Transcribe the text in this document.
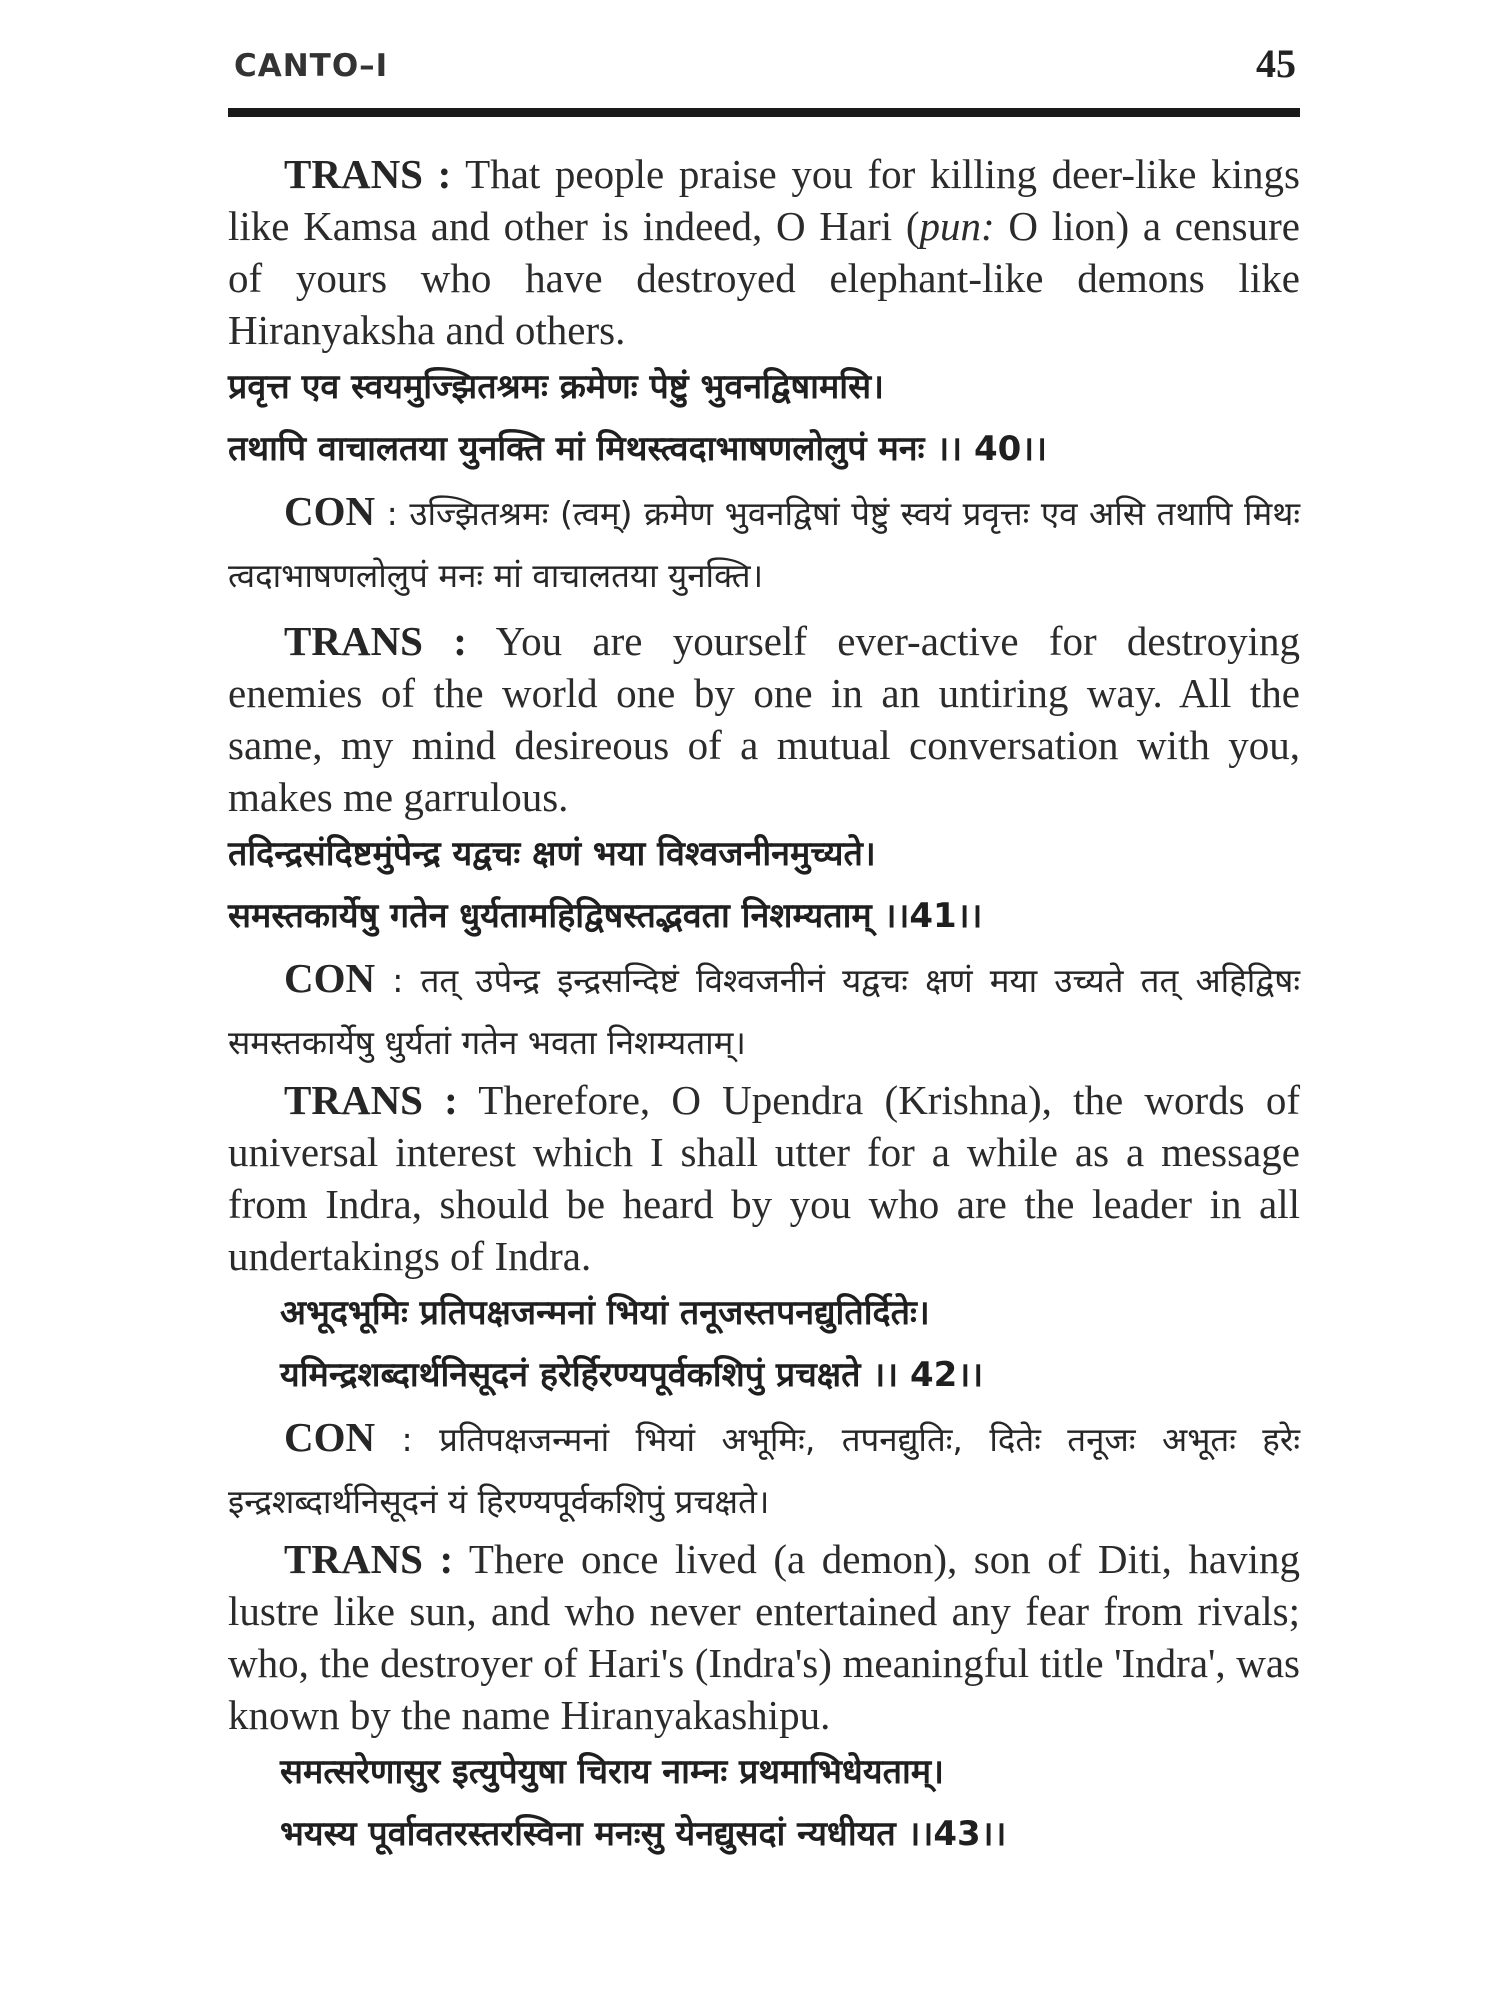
CANTO–I	45

TRANS : That people praise you for killing deer-like kings like Kamsa and other is indeed, O Hari (pun: O lion) a censure of yours who have destroyed elephant-like demons like Hiranyaksha and others.

प्रवृत्त एव स्वयमुज्झितश्रमः क्रमेणः पेष्टुं भुवनद्विषामसि।

तथापि वाचालतया युनक्ति मां मिथस्त्वदाभाषणलोलुपं मनः ।। 40।।

CON : उज्झितश्रमः (त्वम्) क्रमेण भुवनद्विषां पेष्टुं स्वयं प्रवृत्तः एव असि तथापि मिथः त्वदाभाषणलोलुपं मनः मां वाचालतया युनक्ति।

TRANS : You are yourself ever-active for destroying enemies of the world one by one in an untiring way. All the same, my mind desireous of a mutual conversation with you, makes me garrulous.

तदिन्द्रसंदिष्टमुंपेन्द्र यद्वचः क्षणं भया विश्वजनीनमुच्यते।

समस्तकार्येषु गतेन धुर्यतामहिद्विषस्तद्भवता निशम्यताम् ।।41।।

CON : तत् उपेन्द्र इन्द्रसन्दिष्टं विश्वजनीनं यद्वचः क्षणं मया उच्यते तत् अहिद्विषः समस्तकार्येषु धुर्यतां गतेन भवता निशम्यताम्।

TRANS : Therefore, O Upendra (Krishna), the words of universal interest which I shall utter for a while as a message from Indra, should be heard by you who are the leader in all undertakings of Indra.

अभूदभूमिः प्रतिपक्षजन्मनां भियां तनूजस्तपनद्युतिर्दितेः।

यमिन्द्रशब्दार्थनिसूदनं हरेर्हिरण्यपूर्वकशिपुं प्रचक्षते ।। 42।।

CON : प्रतिपक्षजन्मनां भियां अभूमिः, तपनद्युतिः, दितेः तनूजः अभूतः हरेः इन्द्रशब्दार्थनिसूदनं यं हिरण्यपूर्वकशिपुं प्रचक्षते।

TRANS : There once lived (a demon), son of Diti, having lustre like sun, and who never entertained any fear from rivals; who, the destroyer of Hari's (Indra's) meaningful title 'Indra', was known by the name Hiranyakashipu.

समत्सरेणासुर इत्युपेयुषा चिराय नाम्नः प्रथमाभिधेयताम्।

भयस्य पूर्वावतरस्तरस्विना मनःसु येनद्युसदां न्यधीयत ।।43।।
